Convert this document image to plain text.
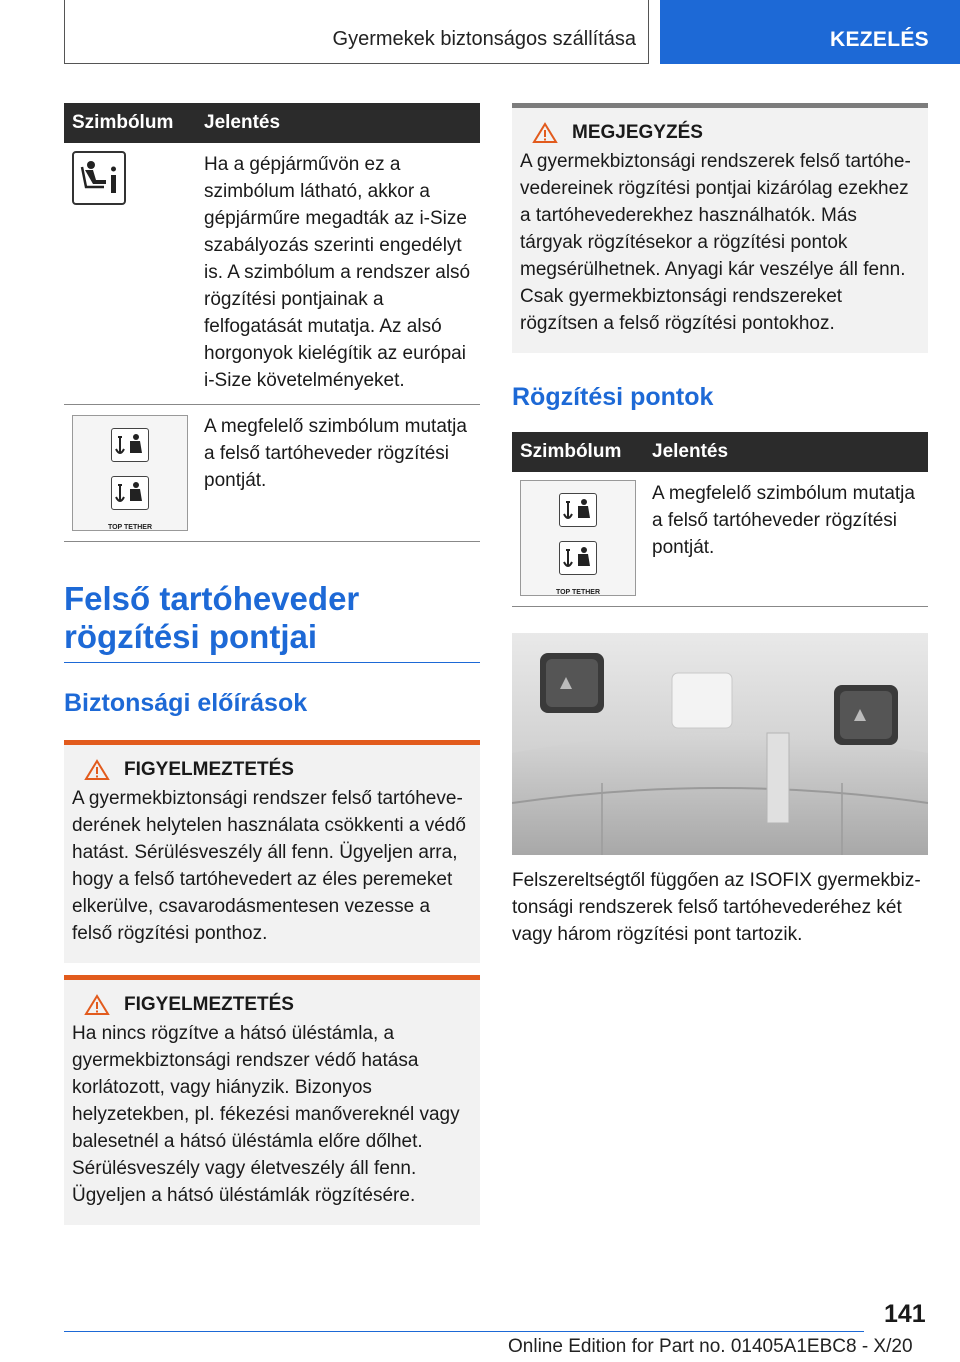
Gyermekek biztonságos szállítása	KEZELÉS
Szimbólum	Jelentés

	Ha a gépjárművön ez a szimbólum látható, akkor a gépjárműre megadták az i-Size szabályozás szerinti engedélyt is. A szimbólum a rendszer alsó rögzítési pontjainak a felfogatását mutatja. Az alsó horgonyok kielégítik az európai i-Size követelményeket.

TOP TETHER	A megfelelő szimbólum mutatja a felső tartóheveder rögzítési pontját.
Felső tartóheveder rögzítési pontjai
Biztonsági előírások
FIGYELMEZTETÉS

A gyermekbiztonsági rendszer felső tartóhevederének helytelen használata csökkenti a védő hatást. Sérülésveszély áll fenn. Ügyeljen arra, hogy a felső tartóhevedert az éles peremeket elkerülve, csavarodásmentesen vezesse a felső rögzítési ponthoz.

FIGYELMEZTETÉS

Ha nincs rögzítve a hátsó üléstámla, a gyermekbiztonsági rendszer védő hatása korlátozott, vagy hiányzik. Bizonyos helyzetekben, pl. fékezési manővereknél vagy balesetnél a hátsó üléstámla előre dőlhet. Sérülésveszély vagy életveszély áll fenn. Ügyeljen a hátsó üléstámlák rögzítésére.

MEGJEGYZÉS

A gyermekbiztonsági rendszerek felső tartóhevedereinek rögzítési pontjai kizárólag ezekhez a tartóhevederekhez használhatók. Más tárgyak rögzítésekor a rögzítési pontok megsérülhetnek. Anyagi kár veszélye áll fenn. Csak gyermekbiztonsági rendszereket rögzítsen a felső rögzítési pontokhoz.

Rögzítési pontok
Szimbólum	Jelentés

TOP TETHER	A megfelelő szimbólum mutatja a felső tartóheveder rögzítési pontját.

Felszereltségtől függően az ISOFIX gyermekbiztonsági rendszerek felső tartóhevederéhez két vagy három rögzítési pont tartozik.

141
Online Edition for Part no. 01405A1EBC8 - X/20
